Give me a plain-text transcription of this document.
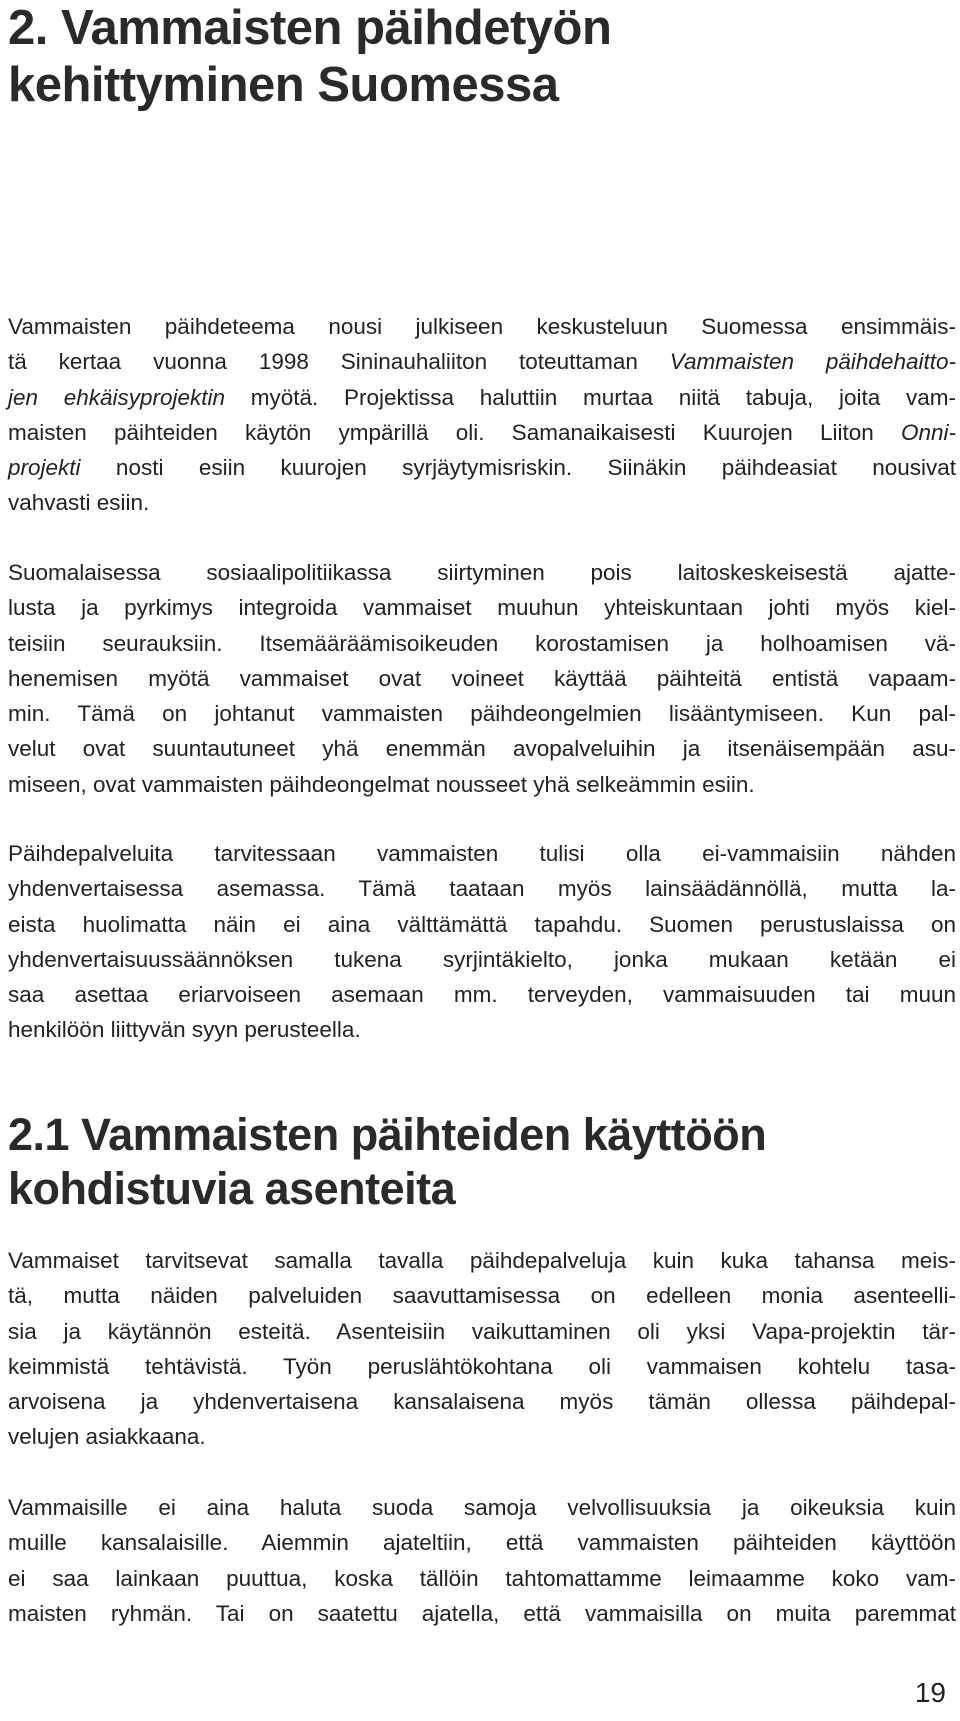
2. Vammaisten päihdetyön
kehittyminen Suomessa
Vammaisten päihdeteema nousi julkiseen keskusteluun Suomessa ensimmäis-
tä kertaa vuonna 1998 Sininauhaliiton toteuttaman Vammaisten päihdehaitto-
jen ehkäisyprojektin myötä. Projektissa haluttiin murtaa niitä tabuja, joita vam-
maisten päihteiden käytön ympärillä oli. Samanaikaisesti Kuurojen Liiton Onni-
projekti nosti esiin kuurojen syrjäytymisriskin. Siinäkin päihdeasiat nousivat
vahvasti esiin.
Suomalaisessa sosiaalipolitiikassa siirtyminen pois laitoskeskeisestä ajatte-
lusta ja pyrkimys integroida vammaiset muuhun yhteiskuntaan johti myös kiel-
teisiin seurauksiin. Itsemääräämisoikeuden korostamisen ja holhoamisen vä-
henemisen myötä vammaiset ovat voineet käyttää päihteitä entistä vapaam-
min. Tämä on johtanut vammaisten päihdeongelmien lisääntymiseen. Kun pal-
velut ovat suuntautuneet yhä enemmän avopalveluihin ja itsenäisempään asu-
miseen, ovat vammaisten päihdeongelmat nousseet yhä selkeämmin esiin.
Päihdepalveluita tarvitessaan vammaisten tulisi olla ei-vammaisiin nähden
yhdenvertaisessa asemassa. Tämä taataan myös lainsäädännöllä, mutta la-
eista huolimatta näin ei aina välttämättä tapahdu. Suomen perustuslaissa on
yhdenvertaisuussäännöksen tukena syrjintäkielto, jonka mukaan ketään ei
saa asettaa eriarvoiseen asemaan mm. terveyden, vammaisuuden tai muun
henkilöön liittyvän syyn perusteella.
2.1 Vammaisten päihteiden käyttöön
kohdistuvia asenteita
Vammaiset tarvitsevat samalla tavalla päihdepalveluja kuin kuka tahansa meis-
tä, mutta näiden palveluiden saavuttamisessa on edelleen monia asenteelli-
sia ja käytännön esteitä. Asenteisiin vaikuttaminen oli yksi Vapa-projektin tär-
keimmistä tehtävistä. Työn peruslähtökohtana oli vammaisen kohtelu tasa-
arvoisena ja yhdenvertaisena kansalaisena myös tämän ollessa päihdepal-
velujen asiakkaana.
Vammaisille ei aina haluta suoda samoja velvollisuuksia ja oikeuksia kuin
muille kansalaisille. Aiemmin ajateltiin, että vammaisten päihteiden käyttöön
ei saa lainkaan puuttua, koska tällöin tahtomattamme leimaamme koko vam-
maisten ryhmän. Tai on saatettu ajatella, että vammaisilla on muita paremmat
19
